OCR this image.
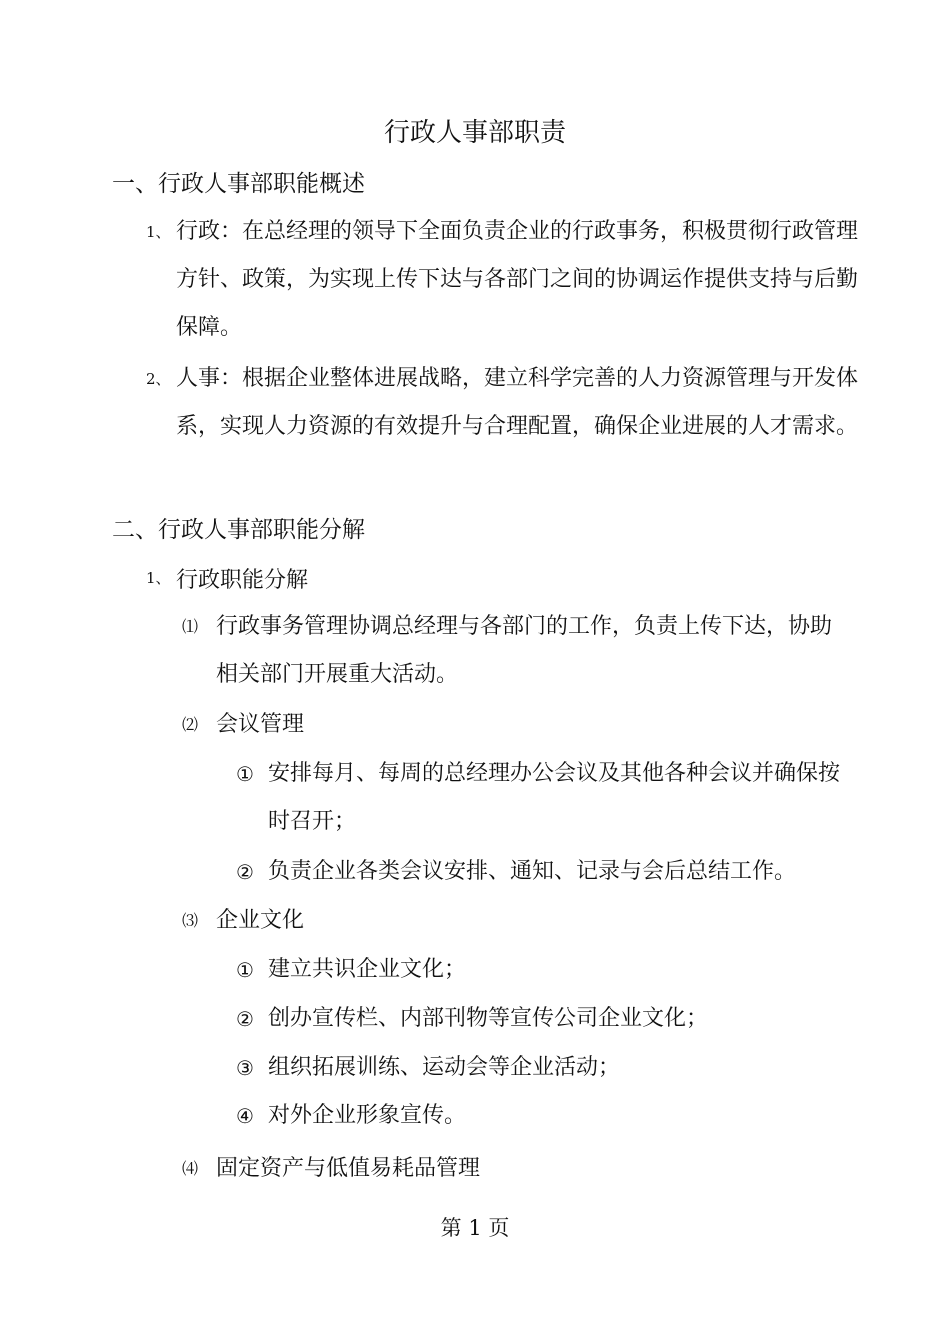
行政人事部职责
一、行政人事部职能概述
1、 行政：在总经理的领导下全面负责企业的行政事务，积极贯彻行政管理方针、政策，为实现上传下达与各部门之间的协调运作提供支持与后勤保障。
2、 人事：根据企业整体进展战略，建立科学完善的人力资源管理与开发体系，实现人力资源的有效提升与合理配置，确保企业进展的人才需求。
二、行政人事部职能分解
1、 行政职能分解
⑴ 行政事务管理协调总经理与各部门的工作，负责上传下达，协助相关部门开展重大活动。
⑵ 会议管理
① 安排每月、每周的总经理办公会议及其他各种会议并确保按时召开；
② 负责企业各类会议安排、通知、记录与会后总结工作。
⑶ 企业文化
① 建立共识企业文化；
② 创办宣传栏、内部刊物等宣传公司企业文化；
③ 组织拓展训练、运动会等企业活动；
④ 对外企业形象宣传。
⑷ 固定资产与低值易耗品管理
第 1 页
